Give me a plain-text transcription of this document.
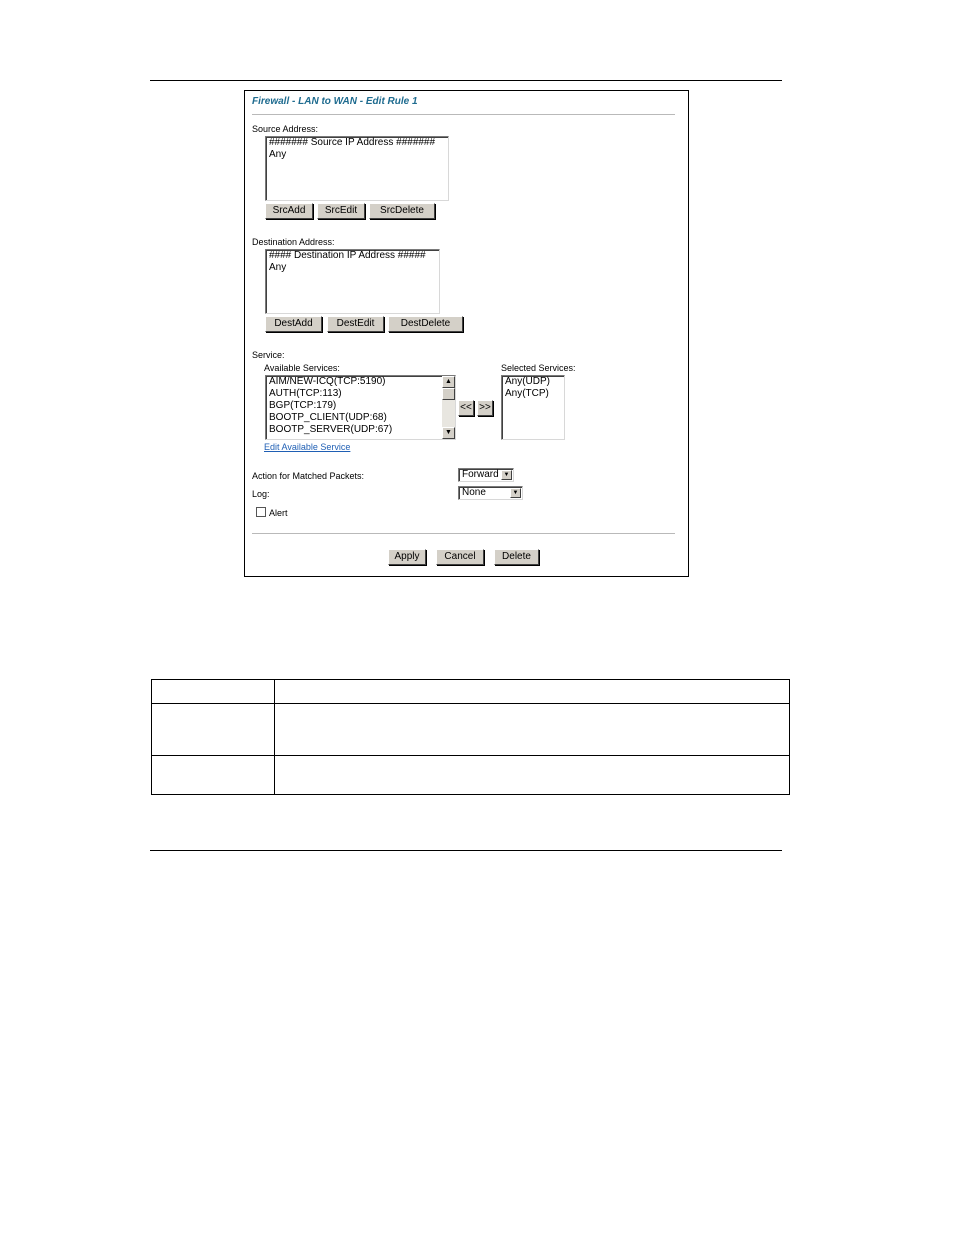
Firewall - LAN to WAN - Edit Rule 1
Source Address:
####### Source IP Address #######
Any
SrcAdd	SrcEdit	SrcDelete
Destination Address:
#### Destination IP Address #####
Any
DestAdd	DestEdit	DestDelete
Service:
Available Services:	Selected Services:
AIM/NEW-ICQ(TCP:5190)
AUTH(TCP:113)
BGP(TCP:179)
BOOTP_CLIENT(UDP:68)
BOOTP_SERVER(UDP:67)
▲
▼
<< >>
Any(UDP)
Any(TCP)
Edit Available Service
Action for Matched Packets:	Forward ▼
Log:	None	▼
Alert
Apply	Cancel	Delete
